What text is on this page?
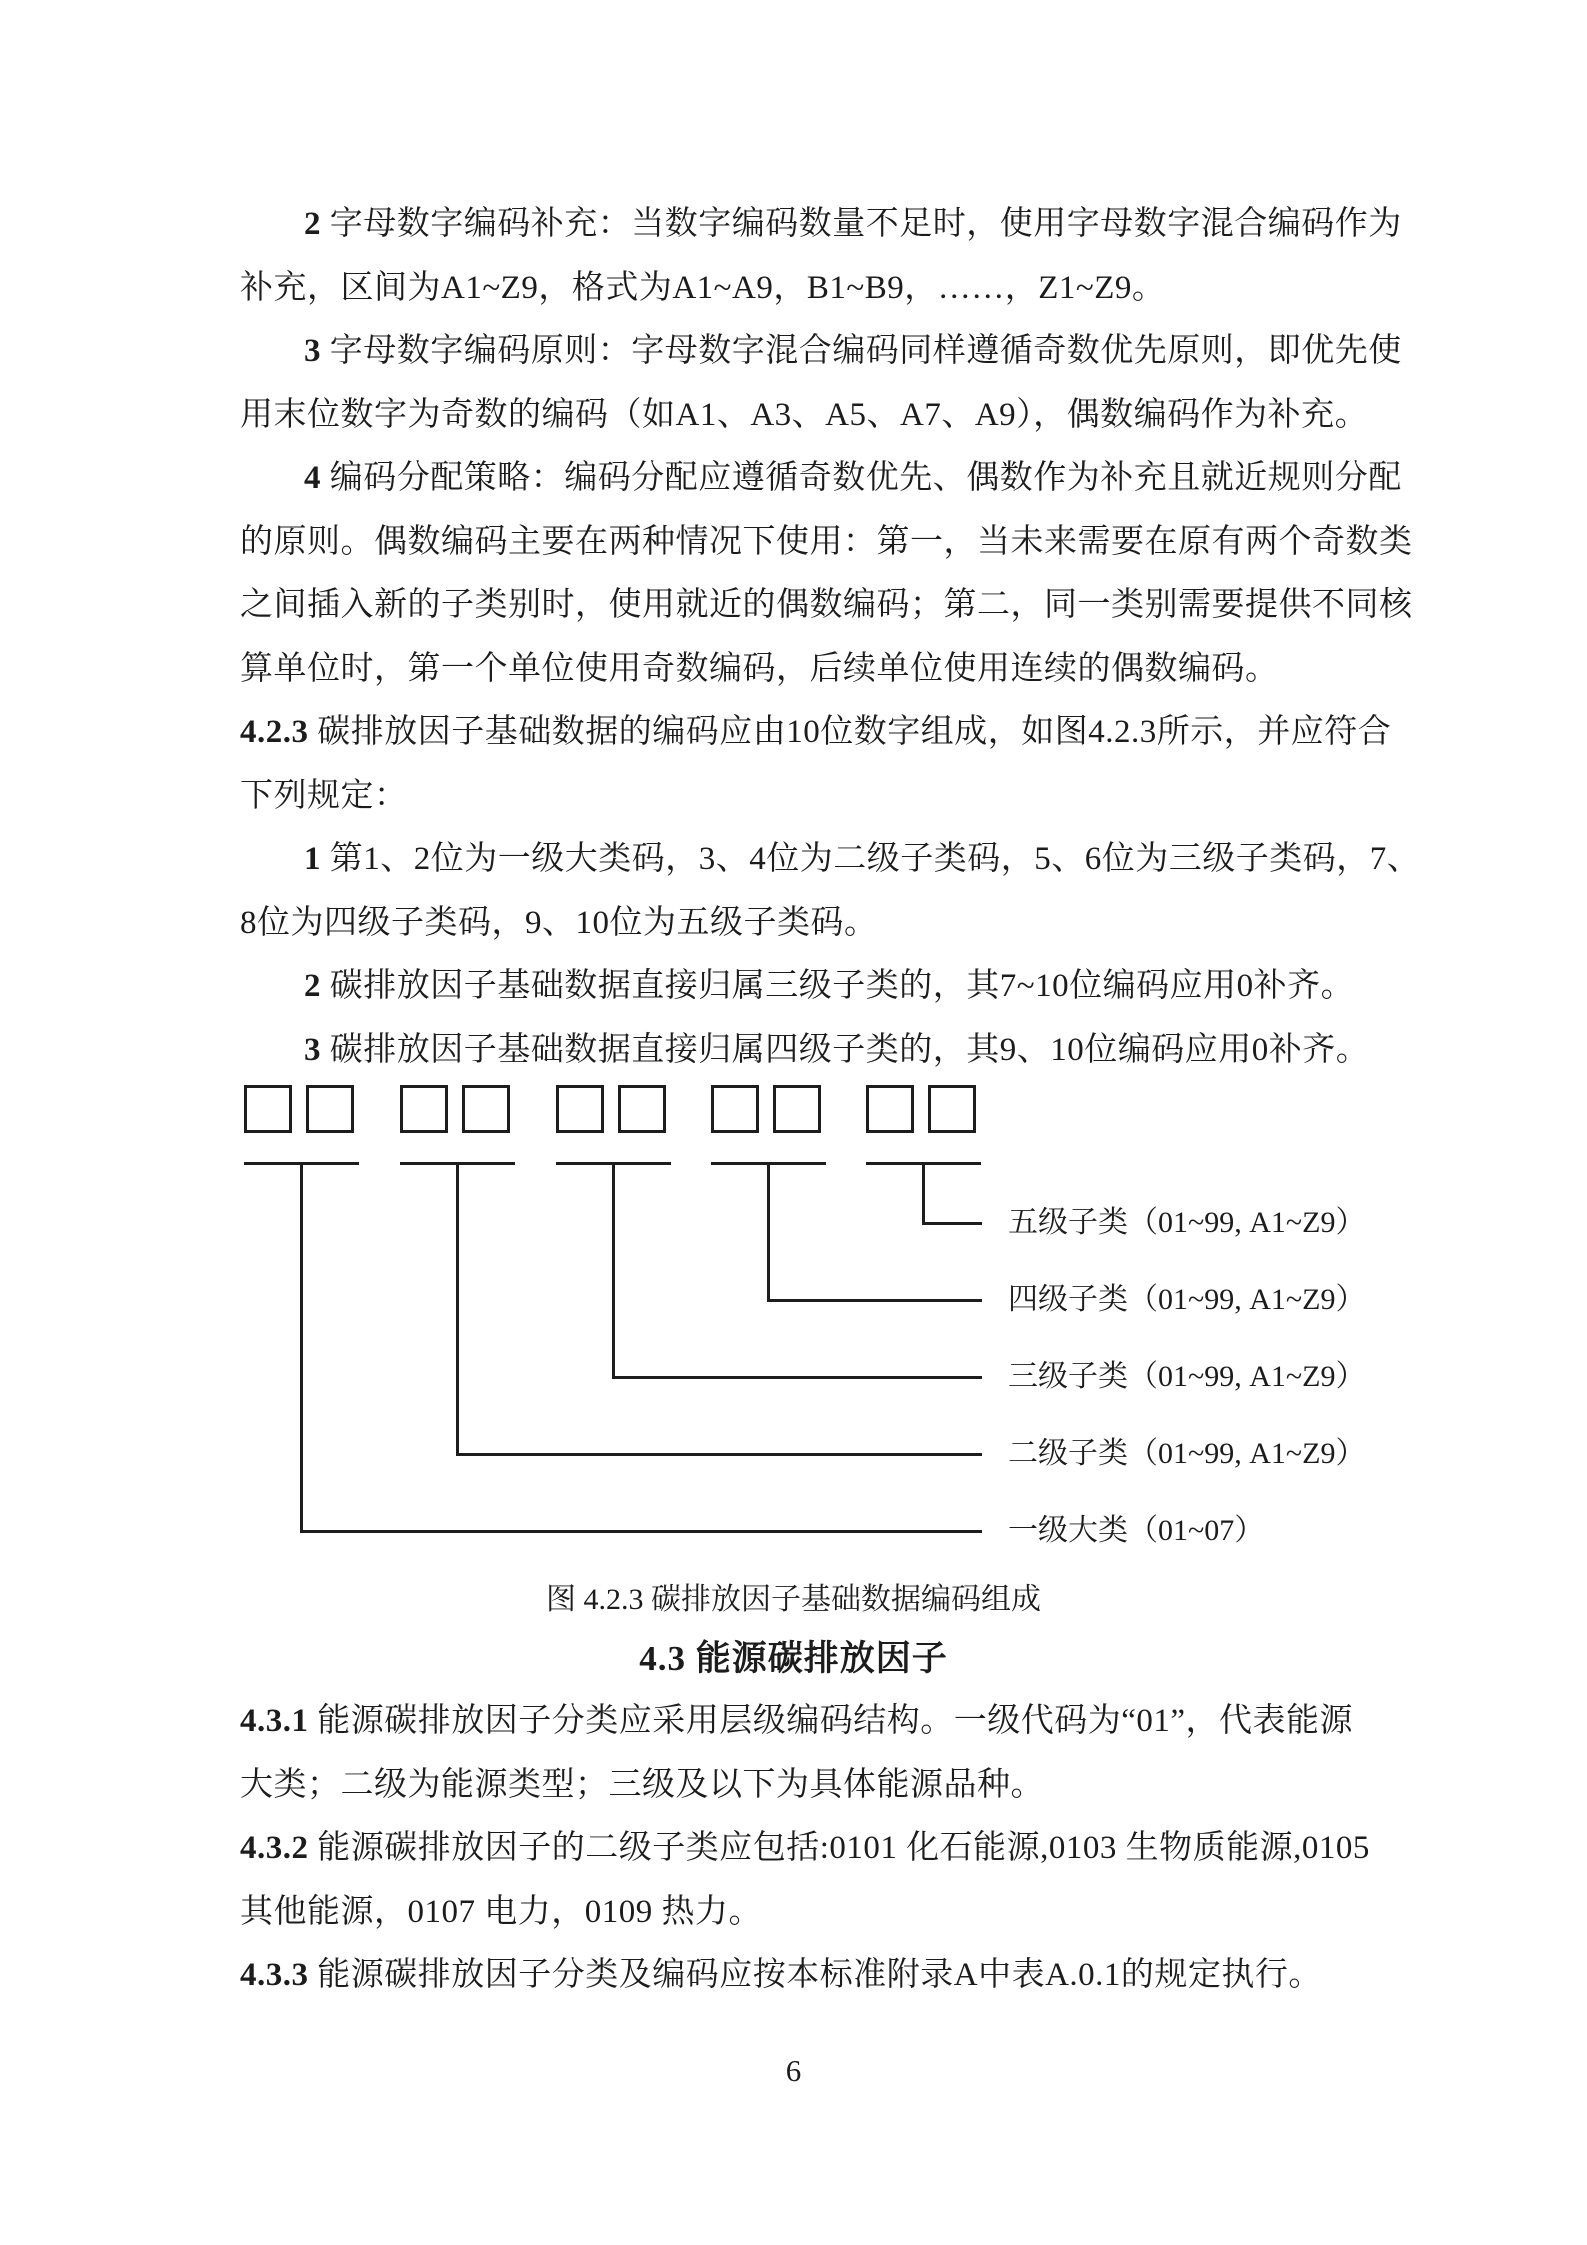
2 字母数字编码补充：当数字编码数量不足时，使用字母数字混合编码作为

补充，区间为A1~Z9，格式为A1~A9，B1~B9，……，Z1~Z9。

3 字母数字编码原则：字母数字混合编码同样遵循奇数优先原则，即优先使

用末位数字为奇数的编码（如A1、A3、A5、A7、A9），偶数编码作为补充。

4 编码分配策略：编码分配应遵循奇数优先、偶数作为补充且就近规则分配

的原则。偶数编码主要在两种情况下使用：第一，当未来需要在原有两个奇数类

之间插入新的子类别时，使用就近的偶数编码；第二，同一类别需要提供不同核

算单位时，第一个单位使用奇数编码，后续单位使用连续的偶数编码。

4.2.3 碳排放因子基础数据的编码应由10位数字组成，如图4.2.3所示，并应符合

下列规定：

1 第1、2位为一级大类码，3、4位为二级子类码，5、6位为三级子类码，7、

8位为四级子类码，9、10位为五级子类码。

2 碳排放因子基础数据直接归属三级子类的，其7~10位编码应用0补齐。

3 碳排放因子基础数据直接归属四级子类的，其9、10位编码应用0补齐。

五级子类（01~99, A1~Z9）
四级子类（01~99, A1~Z9）
三级子类（01~99, A1~Z9）
二级子类（01~99, A1~Z9）
一级大类（01~07）
图 4.2.3 碳排放因子基础数据编码组成
4.3 能源碳排放因子

4.3.1 能源碳排放因子分类应采用层级编码结构。一级代码为“01”，代表能源

大类；二级为能源类型；三级及以下为具体能源品种。

4.3.2 能源碳排放因子的二级子类应包括:0101 化石能源,0103 生物质能源,0105

其他能源，0107 电力，0109 热力。

4.3.3 能源碳排放因子分类及编码应按本标准附录A中表A.0.1的规定执行。

6
